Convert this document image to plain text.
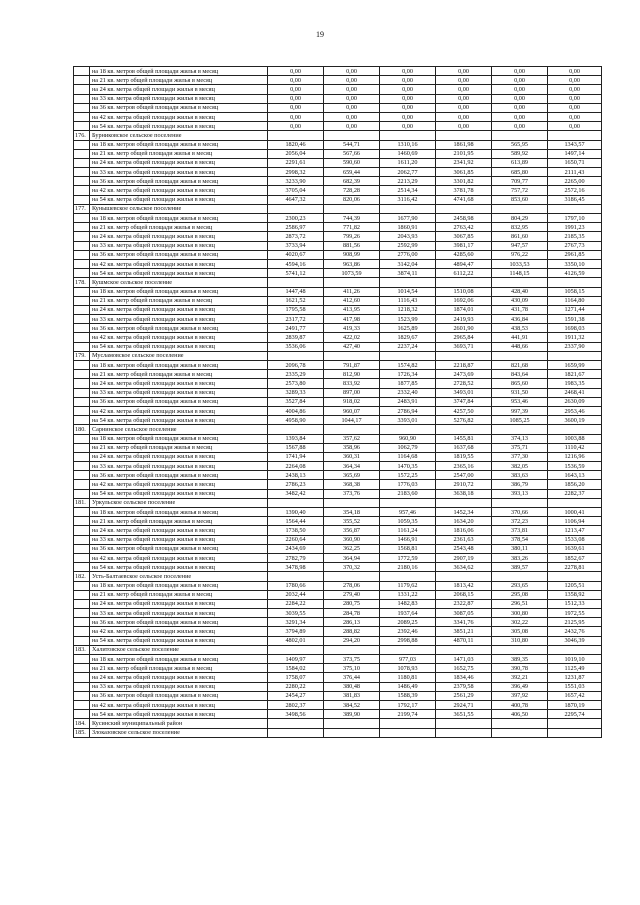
19
	на 18 кв. метров общей площади жилья в месяц	0,00	0,00	0,00	0,00	0,00	0,00
	на 21 кв. метр общей площади жилья в месяц	0,00	0,00	0,00	0,00	0,00	0,00
	на 24 кв. метра общей площади жилья в месяц	0,00	0,00	0,00	0,00	0,00	0,00
	на 33 кв. метра общей площади жилья в месяц	0,00	0,00	0,00	0,00	0,00	0,00
	на 36 кв. метров общей площади жилья в месяц	0,00	0,00	0,00	0,00	0,00	0,00
	на 42 кв. метра общей площади жилья в месяц	0,00	0,00	0,00	0,00	0,00	0,00
	на 54 кв. метра общей площади жилья в месяц	0,00	0,00	0,00	0,00	0,00	0,00
176.	Бурниковское сельское поселение						
	на 18 кв. метров общей площади жилья в месяц	1820,46	544,71	1310,16	1861,98	565,95	1343,57
	на 21 кв. метр общей площади жилья в месяц	2056,04	567,66	1460,69	2101,95	589,92	1497,14
	на 24 кв. метра общей площади жилья в месяц	2291,61	590,60	1611,20	2341,92	613,89	1650,71
	на 33 кв. метра общей площади жилья в месяц	2998,32	659,44	2062,77	3061,85	685,80	2111,43
	на 36 кв. метров общей площади жилья в месяц	3233,90	682,39	2213,29	3301,82	709,77	2265,00
	на 42 кв. метра общей площади жилья в месяц	3705,04	728,28	2514,34	3781,78	757,72	2572,16
	на 54 кв. метра общей площади жилья в месяц	4647,32	820,06	3116,42	4741,68	853,60	3186,45
177.	Кунышевское сельское поселение						
	на 18 кв. метров общей площади жилья в месяц	2300,23	744,39	1677,90	2458,98	804,29	1797,10
	на 21 кв. метр общей площади жилья в месяц	2586,97	771,82	1860,91	2763,42	832,95	1991,23
	на 24 кв. метра общей площади жилья в месяц	2873,72	799,26	2043,93	3067,85	861,60	2185,35
	на 33 кв. метра общей площади жилья в месяц	3733,94	881,56	2592,99	3981,17	947,57	2767,73
	на 36 кв. метров общей площади жилья в месяц	4020,67	908,99	2776,00	4285,60	976,22	2961,85
	на 42 кв. метра общей площади жилья в месяц	4594,16	963,86	3142,04	4894,47	1033,53	3350,10
	на 54 кв. метра общей площади жилья в месяц	5741,12	1073,59	3874,11	6112,22	1148,15	4126,59
178.	Кушмское сельское поселение						
	на 18 кв. метров общей площади жилья в месяц	1447,48	411,26	1014,54	1510,08	428,40	1058,15
	на 21 кв. метр общей площади жилья в месяц	1621,52	412,60	1116,43	1692,06	430,09	1164,80
	на 24 кв. метра общей площади жилья в месяц	1795,58	413,95	1218,32	1874,01	431,78	1271,44
	на 33 кв. метра общей площади жилья в месяц	2317,72	417,98	1523,99	2419,93	436,84	1591,38
	на 36 кв. метров общей площади жилья в месяц	2491,77	419,33	1625,89	2601,90	438,53	1698,03
	на 42 кв. метра общей площади жилья в месяц	2839,87	422,02	1829,67	2965,84	441,91	1911,32
	на 54 кв. метра общей площади жилья в месяц	3536,06	427,40	2237,24	3693,71	448,66	2337,90
179.	Мусламовское сельское поселение						
	на 18 кв. метров общей площади жилья в месяц	2096,78	791,87	1574,82	2218,87	821,68	1659,99
	на 21 кв. метр общей площади жилья в месяц	2335,29	812,90	1726,34	2473,69	843,64	1821,67
	на 24 кв. метра общей площади жилья в месяц	2573,80	833,92	1877,85	2728,52	865,60	1983,35
	на 33 кв. метра общей площади жилья в месяц	3289,33	897,00	2332,40	3493,01	931,50	2468,41
	на 36 кв. метров общей площади жилья в месяц	3527,84	918,02	2483,91	3747,84	953,46	2630,09
	на 42 кв. метра общей площади жилья в месяц	4004,86	960,07	2786,94	4257,50	997,39	2953,46
	на 54 кв. метра общей площади жилья в месяц	4958,90	1044,17	3393,01	5276,82	1085,25	3600,19
180.	Сарнинское сельское поселение						
	на 18 кв. метров общей площади жилья в месяц	1393,84	357,62	960,90	1455,81	374,13	1003,88
	на 21 кв. метр общей площади жилья в месяц	1567,88	358,96	1062,79	1637,68	375,71	1110,42
	на 24 кв. метра общей площади жилья в месяц	1741,94	360,31	1164,68	1819,55	377,30	1216,96
	на 33 кв. метра общей площади жилья в месяц	2264,08	364,34	1470,35	2365,16	382,05	1536,59
	на 36 кв. метров общей площади жилья в месяц	2438,13	365,69	1572,25	2547,00	383,63	1643,13
	на 42 кв. метра общей площади жилья в месяц	2786,23	368,38	1776,03	2910,72	386,79	1856,20
	на 54 кв. метра общей площади жилья в месяц	3482,42	373,76	2183,60	3638,18	393,13	2282,37
181.	Уркульское сельское поселение						
	на 18 кв. метров общей площади жилья в месяц	1390,40	354,18	957,46	1452,34	370,66	1000,41
	на 21 кв. метр общей площади жилья в месяц	1564,44	355,52	1059,35	1634,20	372,23	1106,94
	на 24 кв. метра общей площади жилья в месяц	1738,50	356,87	1161,24	1816,06	373,81	1213,47
	на 33 кв. метра общей площади жилья в месяц	2260,64	360,90	1466,91	2361,63	378,54	1533,08
	на 36 кв. метров общей площади жилья в месяц	2434,69	362,25	1568,81	2543,48	380,11	1639,61
	на 42 кв. метра общей площади жилья в месяц	2782,79	364,94	1772,59	2907,19	383,26	1852,67
	на 54 кв. метра общей площади жилья в месяц	3478,98	370,32	2180,16	3634,62	389,57	2278,81
182.	Усть-Балтаевское сельское поселение						
	на 18 кв. метров общей площади жилья в месяц	1780,66	278,06	1179,62	1813,42	293,65	1205,51
	на 21 кв. метр общей площади жилья в месяц	2032,44	279,40	1331,22	2068,15	295,08	1358,92
	на 24 кв. метра общей площади жилья в месяц	2284,22	280,75	1482,83	2322,87	296,51	1512,33
	на 33 кв. метра общей площади жилья в месяц	3039,55	284,78	1937,64	3087,05	300,80	1972,55
	на 36 кв. метров общей площади жилья в месяц	3291,34	286,13	2089,25	3341,76	302,22	2125,95
	на 42 кв. метра общей площади жилья в месяц	3794,89	288,82	2392,46	3851,21	305,08	2432,76
	на 54 кв. метра общей площади жилья в месяц	4802,01	294,20	2998,88	4870,11	310,80	3046,39
183.	Халитовское сельское поселение						
	на 18 кв. метров общей площади жилья в месяц	1409,97	373,75	977,03	1471,03	389,35	1019,10
	на 21 кв. метр общей площади жилья в месяц	1584,02	375,10	1078,93	1652,75	390,78	1125,49
	на 24 кв. метра общей площади жилья в месяц	1758,07	376,44	1180,81	1834,46	392,21	1231,87
	на 33 кв. метра общей площади жилья в месяц	2280,22	380,48	1486,49	2379,58	396,49	1551,03
	на 36 кв. метров общей площади жилья в месяц	2454,27	381,83	1588,39	2561,29	397,92	1657,42
	на 42 кв. метра общей площади жилья в месяц	2802,37	384,52	1792,17	2924,71	400,78	1870,19
	на 54 кв. метра общей площади жилья в месяц	3498,56	389,90	2199,74	3651,55	406,50	2295,74
184.	Кусинский муниципальный район						
185.	Злоказовское сельское поселение						
